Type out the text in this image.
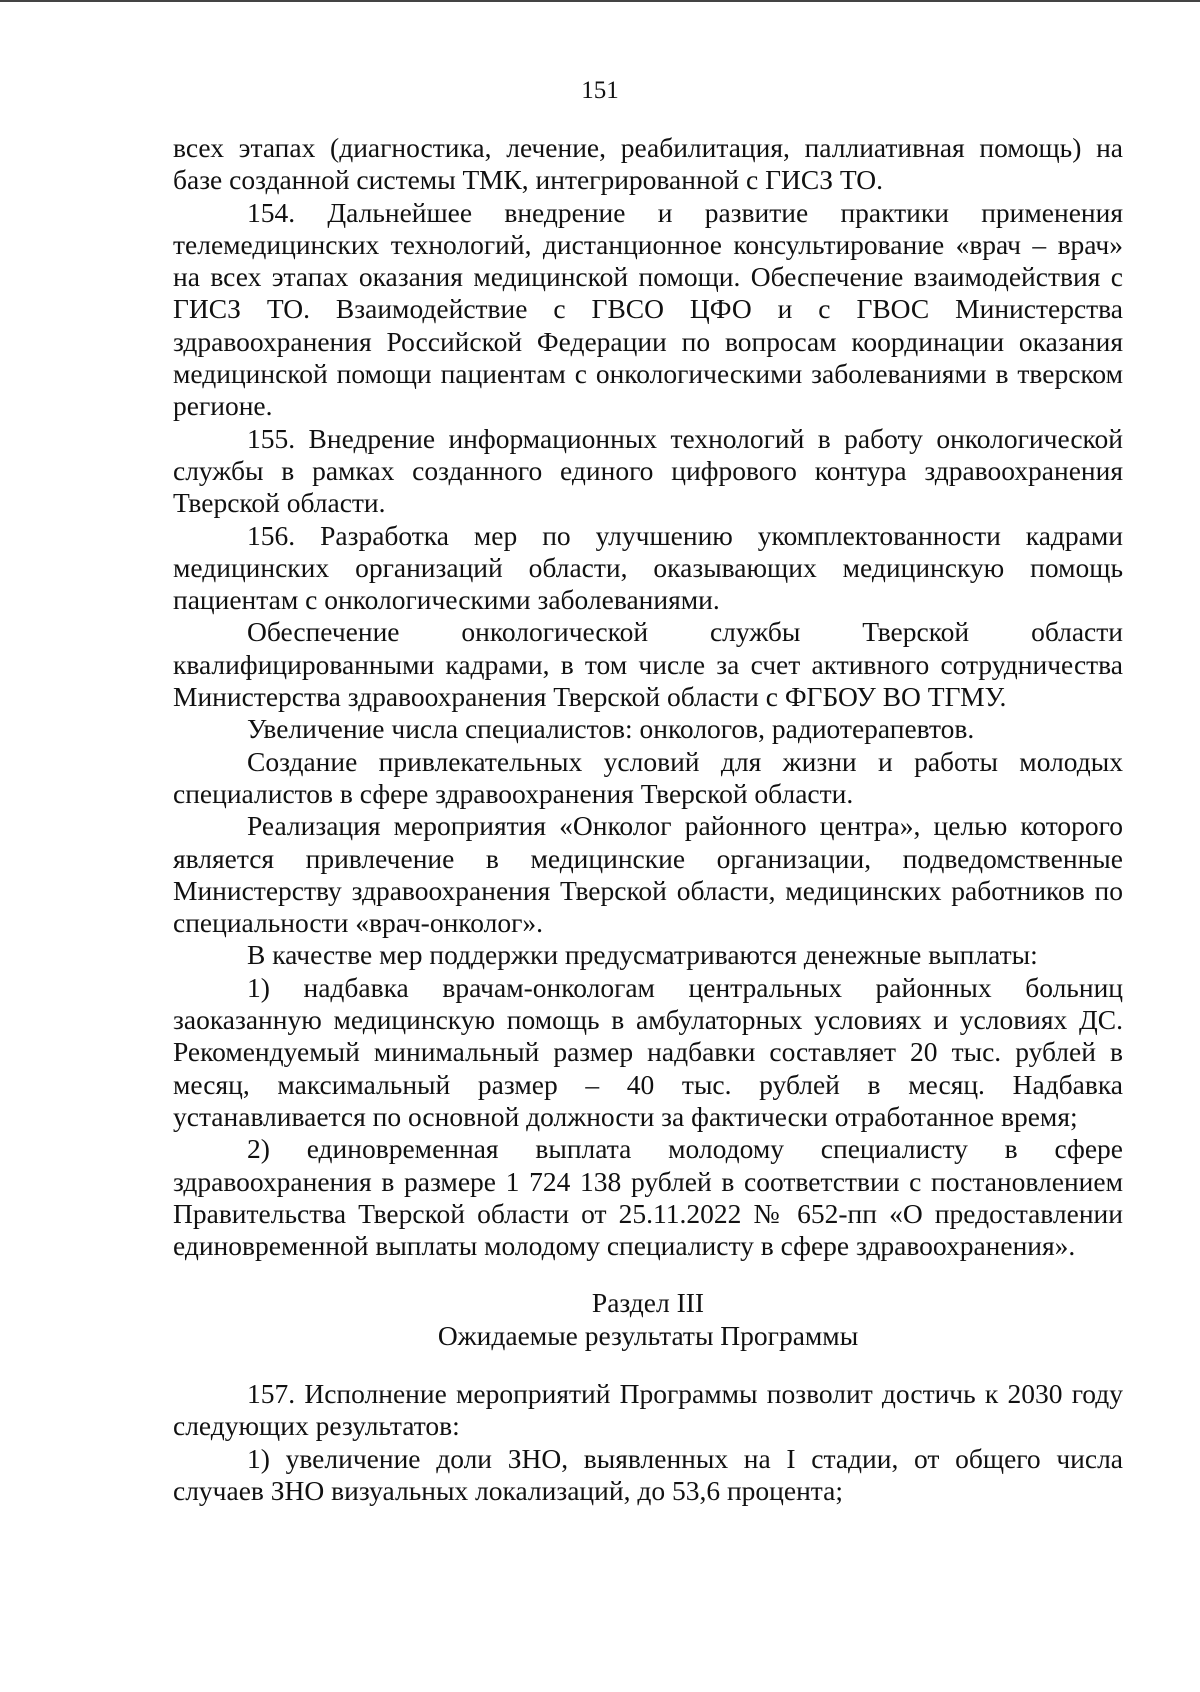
151

всех этапах (диагностика, лечение, реабилитация, паллиативная помощь) на базе созданной системы ТМК, интегрированной с ГИСЗ ТО.

154. Дальнейшее внедрение и развитие практики применения телемедицинских технологий, дистанционное консультирование «врач – врач» на всех этапах оказания медицинской помощи. Обеспечение взаимодействия с ГИСЗ ТО. Взаимодействие с ГВСО ЦФО и с ГВОС Министерства здравоохранения Российской Федерации по вопросам координации оказания медицинской помощи пациентам с онкологическими заболеваниями в тверском регионе.

155. Внедрение информационных технологий в работу онкологической службы в рамках созданного единого цифрового контура здравоохранения Тверской области.

156. Разработка мер по улучшению укомплектованности кадрами медицинских организаций области, оказывающих медицинскую помощь пациентам с онкологическими заболеваниями.

Обеспечение онкологической службы Тверской области квалифицированными кадрами, в том числе за счет активного сотрудничества Министерства здравоохранения Тверской области с ФГБОУ ВО ТГМУ.

Увеличение числа специалистов: онкологов, радиотерапевтов.

Создание привлекательных условий для жизни и работы молодых специалистов в сфере здравоохранения Тверской области.

Реализация мероприятия «Онколог районного центра», целью которого является привлечение в медицинские организации, подведомственные Министерству здравоохранения Тверской области, медицинских работников по специальности «врач-онколог».

В качестве мер поддержки предусматриваются денежные выплаты:

1) надбавка врачам-онкологам центральных районных больниц заоказанную медицинскую помощь в амбулаторных условиях и условиях ДС. Рекомендуемый минимальный размер надбавки составляет 20 тыс. рублей в месяц, максимальный размер – 40 тыс. рублей в месяц. Надбавка устанавливается по основной должности за фактически отработанное время;

2) единовременная выплата молодому специалисту в сфере здравоохранения в размере 1 724 138 рублей в соответствии с постановлением Правительства Тверской области от 25.11.2022 № 652-пп «О предоставлении единовременной выплаты молодому специалисту в сфере здравоохранения».

Раздел III

Ожидаемые результаты Программы

157. Исполнение мероприятий Программы позволит достичь к 2030 году следующих результатов:

1) увеличение доли ЗНО, выявленных на I стадии, от общего числа случаев ЗНО визуальных локализаций, до 53,6 процента;
